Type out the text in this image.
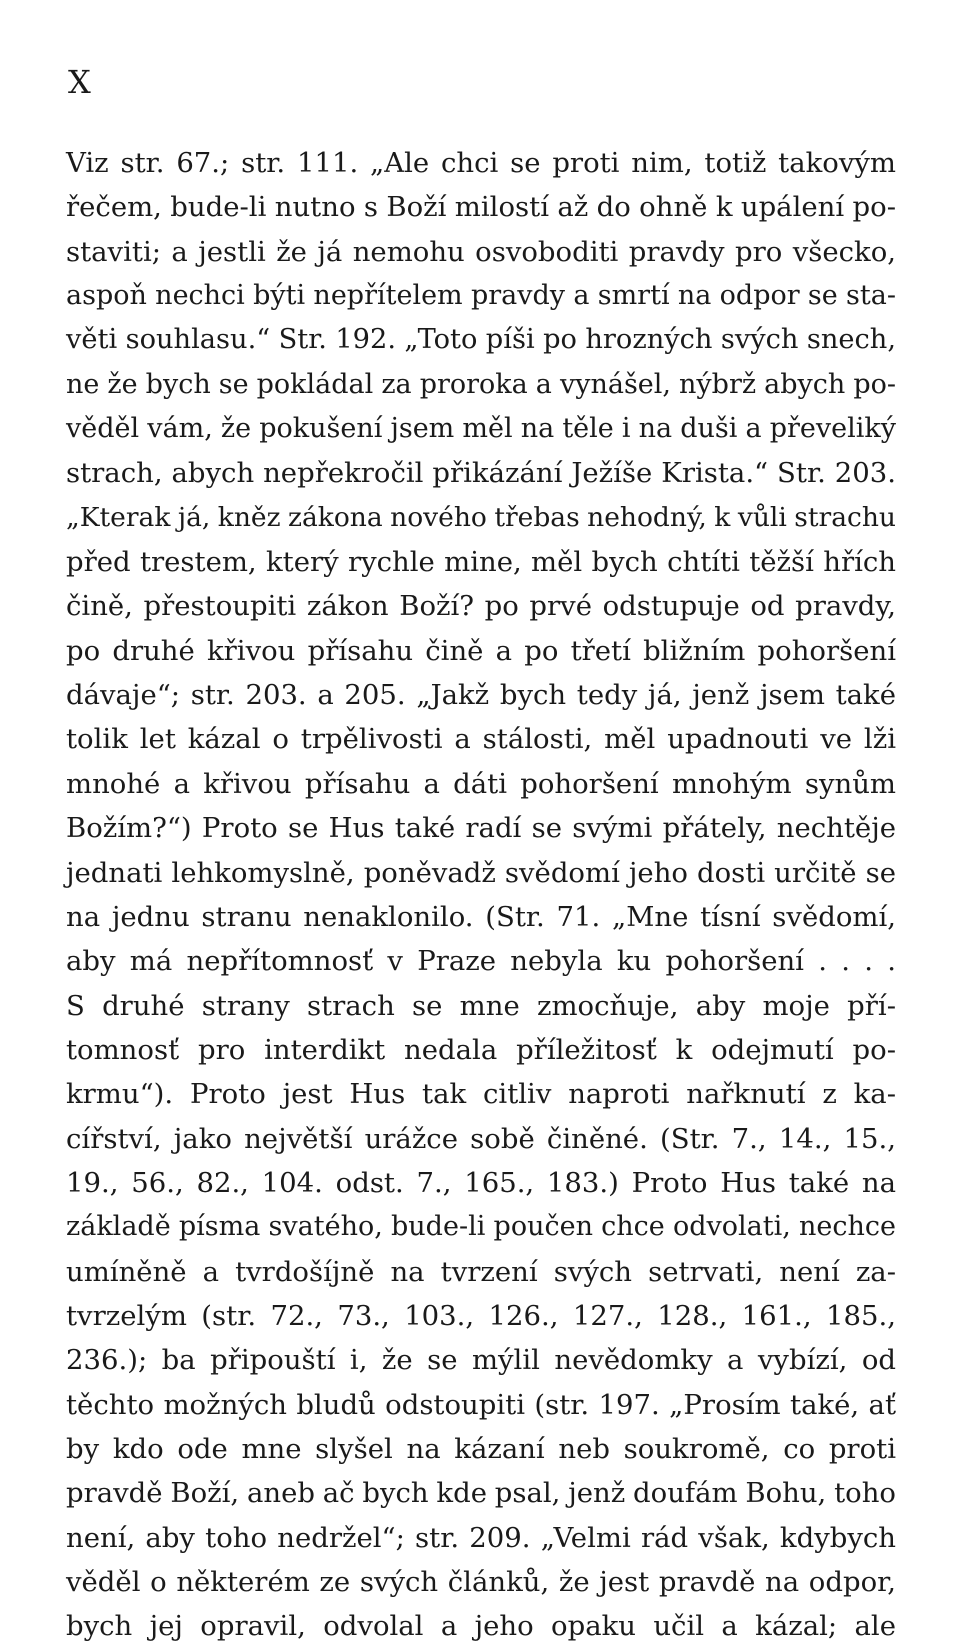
X
Viz str. 67.; str. 111. „Ale chci se proti nim, totiž takovým
řečem, bude-li nutno s Boží milostí až do ohně k upálení po-
staviti; a jestli že já nemohu osvoboditi pravdy pro všecko,
aspoň nechci býti nepřítelem pravdy a smrtí na odpor se sta-
věti souhlasu.“ Str. 192. „Toto píši po hrozných svých snech,
ne že bych se pokládal za proroka a vynášel, nýbrž abych po-
věděl vám, že pokušení jsem měl na těle i na duši a převeliký
strach, abych nepřekročil přikázání Ježíše Krista.“ Str. 203.
„Kterak já, kněz zákona nového třebas nehodný, k vůli strachu
před trestem, který rychle mine, měl bych chtíti těžší hřích
čině, přestoupiti zákon Boží? po prvé odstupuje od pravdy,
po druhé křivou přísahu čině a po třetí bližním pohoršení
dávaje“; str. 203. a 205. „Jakž bych tedy já, jenž jsem také
tolik let kázal o trpělivosti a stálosti, měl upadnouti ve lži
mnohé a křivou přísahu a dáti pohoršení mnohým synům
Božím?“) Proto se Hus také radí se svými přátely, nechtěje
jednati lehkomyslně, poněvadž svědomí jeho dosti určitě se
na jednu stranu nenaklonilo. (Str. 71. „Mne tísní svědomí,
aby má nepřítomnosť v Praze nebyla ku pohoršení . . . .
S druhé strany strach se mne zmocňuje, aby moje pří-
tomnosť pro interdikt nedala příležitosť k odejmutí po-
krmu“). Proto jest Hus tak citliv naproti nařknutí z ka-
cířství, jako největší urážce sobě činěné. (Str. 7., 14., 15.,
19., 56., 82., 104. odst. 7., 165., 183.) Proto Hus také na
základě písma svatého, bude-li poučen chce odvolati, nechce
umíněně a tvrdošíjně na tvrzení svých setrvati, není za-
tvrzelým (str. 72., 73., 103., 126., 127., 128., 161., 185.,
236.); ba připouští i, že se mýlil nevědomky a vybízí, od
těchto možných bludů odstoupiti (str. 197. „Prosím také, ať
by kdo ode mne slyšel na kázaní neb soukromě, co proti
pravdě Boží, aneb ač bych kde psal, jenž doufám Bohu, toho
není, aby toho nedržel“; str. 209. „Velmi rád však, kdybych
věděl o některém ze svých článků, že jest pravdě na odpor,
bych jej opravil, odvolal a jeho opaku učil a kázal; ale
